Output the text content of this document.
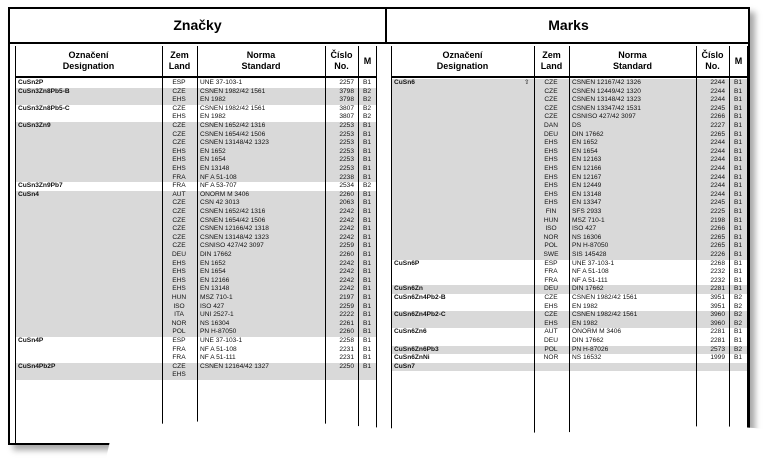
Značky	Marks
Označení
Designation
Zem
Land
Norma
Standard
Číslo
No.
M
CuSn2P	ESP	UNE 37-103-1	2257 B1
CuSn3Zn8Pb5-B	CZE	ČSNEN 1982/42 1561	3798 B2
EHS	EN 1982	3798 B2
CuSn3Zn8Pb5-C	CZE	ČSNEN 1982/42 1561	3807 B2
EHS	EN 1982	3807 B2
CuSn3Zn9	CZE	ČSNEN 1652/42 1316	2253 B1
CZE	ČSNEN 1654/42 1506	2253 B1
CZE	ČSNEN 13148/42 1323	2253 B1
EHS	EN 1652	2253 B1
EHS	EN 1654	2253 B1
EHS	EN 13148	2253 B1
FRA	NF A 51-108	2238 B1
CuSn3Zn9Pb7	FRA	NF A 53-707	2534 B2
CuSn4	AUT	ÖNORM M 3406	2260 B1
CZE	ČSN 42 3013	2063 B1
CZE	ČSNEN 1652/42 1316	2242 B1
CZE	ČSNEN 1654/42 1506	2242 B1
CZE	ČSNEN 12166/42 1318	2242 B1
CZE	ČSNEN 13148/42 1323	2242 B1
CZE	ČSNISO 427/42 3097	2259 B1
DEU	DIN 17662	2260 B1
EHS	EN 1652	2242 B1
EHS	EN 1654	2242 B1
EHS	EN 12166	2242 B1
EHS	EN 13148	2242 B1
HUN	MSZ 710-1	2197 B1
ISO	ISO 427	2259 B1
ITA	UNI 2527-1	2222 B1
NOR	NS 16304	2261 B1
POL	PN H-87050	2260 B1
CuSn4P	ESP	UNE 37-103-1	2258 B1
FRA	NF A 51-108	2231 B1
FRA	NF A 51-111	2231 B1
CuSn4Pb2P	CZE	ČSNEN 12164/42 1327	2250 B1
EHS
Označení
Designation
Zem
Land
Norma
Standard
Číslo
No.
M
CuSn6	CZE	ČSNEN 12167/42 1326	2244 B1
⇧
CZE	ČSNEN 12449/42 1320	2244 B1
CZE	ČSNEN 13148/42 1323	2244 B1
CZE	ČSNEN 13347/42 1531	2245 B1
CZE	ČSNISO 427/42 3097	2266 B1
DAN	DS	2227 B1
DEU	DIN 17662	2265 B1
EHS	EN 1652	2244 B1
EHS	EN 1654	2244 B1
EHS	EN 12163	2244 B1
EHS	EN 12166	2244 B1
EHS	EN 12167	2244 B1
EHS	EN 12449	2244 B1
EHS	EN 13148	2244 B1
EHS	EN 13347	2245 B1
FIN	SFS 2933	2225 B1
HUN	MSZ 710-1	2198 B1
ISO	ISO 427	2266 B1
NOR	NS 16306	2265 B1
POL	PN H-87050	2265 B1
SWE	SIS 145428	2226 B1
CuSn6P	ESP	UNE 37-103-1	2268 B1
FRA	NF A 51-108	2232 B1
FRA	NF A 51-111	2232 B1
CuSn6Zn	DEU	DIN 17662	2281 B1
CuSn6Zn4Pb2-B	CZE	ČSNEN 1982/42 1561	3951 B2
EHS	EN 1982	3951 B2
CuSn6Zn4Pb2-C	CZE	ČSNEN 1982/42 1561	3960 B2
EHS	EN 1982	3960 B2
CuSn6Zn6	AUT	ÖNORM M 3406	2281 B1
DEU	DIN 17662	2281 B1
CuSn6Zn6Pb3	POL	PN H-87026	2573 B2
CuSn6ZnNi	NOR	NS 16532	1999 B1
CuSn7
